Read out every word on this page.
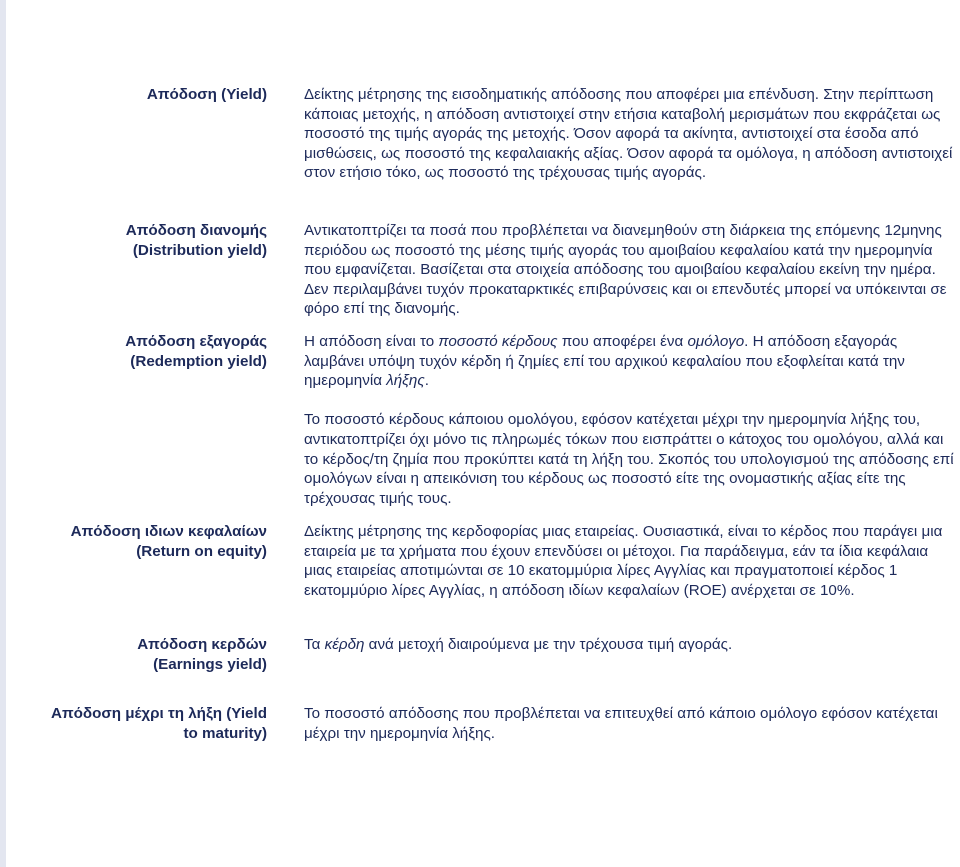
Απόδοση (Yield) Δείκτης μέτρησης της εισοδηματικής απόδοσης που αποφέρει μια επένδυση. Στην περίπτωση κάποιας μετοχής, η απόδοση αντιστοιχεί στην ετήσια καταβολή μερισμάτων που εκφράζεται ως ποσοστό της τιμής αγοράς της μετοχής. Όσον αφορά τα ακίνητα, αντιστοιχεί στα έσοδα από μισθώσεις, ως ποσοστό της κεφαλαιακής αξίας. Όσον αφορά τα ομόλογα, η απόδοση αντιστοιχεί στον ετήσιο τόκο, ως ποσοστό της τρέχουσας τιμής αγοράς.

Απόδοση διανομής
(Distribution yield)

Αντικατοπτρίζει τα ποσά που προβλέπεται να διανεμηθούν στη διάρκεια της επόμενης 12μηνης περιόδου ως ποσοστό της μέσης τιμής αγοράς του αμοιβαίου κεφαλαίου κατά την ημερομηνία που εμφανίζεται. Βασίζεται στα στοιχεία απόδοσης του αμοιβαίου κεφαλαίου εκείνη την ημέρα. Δεν περιλαμβάνει τυχόν προκαταρκτικές επιβαρύνσεις και οι επενδυτές μπορεί να υπόκεινται σε φόρο επί της διανομής.

Απόδοση εξαγοράς
(Redemption yield)

Η απόδοση είναι το ποσοστό κέρδους που αποφέρει ένα ομόλογο. Η απόδοση εξαγοράς λαμβάνει υπόψη τυχόν κέρδη ή ζημίες επί του αρχικού κεφαλαίου που εξοφλείται κατά την ημερομηνία λήξης.

Το ποσοστό κέρδους κάποιου ομολόγου, εφόσον κατέχεται μέχρι την ημερομηνία λήξης του, αντικατοπτρίζει όχι μόνο τις πληρωμές τόκων που εισπράττει ο κάτοχος του ομολόγου, αλλά και το κέρδος/τη ζημία που προκύπτει κατά τη λήξη του. Σκοπός του υπολογισμού της απόδοσης επί ομολόγων είναι η απεικόνιση του κέρδους ως ποσοστό είτε της ονομαστικής αξίας είτε της τρέχουσας τιμής τους.

Απόδοση ιδιων κεφαλαίων
(Return on equity)

Δείκτης μέτρησης της κερδοφορίας μιας εταιρείας. Ουσιαστικά, είναι το κέρδος που παράγει μια εταιρεία με τα χρήματα που έχουν επενδύσει οι μέτοχοι. Για παράδειγμα, εάν τα ίδια κεφάλαια μιας εταιρείας αποτιμώνται σε 10 εκατομμύρια λίρες Αγγλίας και πραγματοποιεί κέρδος 1 εκατομμύριο λίρες Αγγλίας, η απόδοση ιδίων κεφαλαίων (ROE) ανέρχεται σε 10%.

Απόδοση κερδών
(Earnings yield)

Τα κέρδη ανά μετοχή διαιρούμενα με την τρέχουσα τιμή αγοράς.

Απόδοση μέχρι τη λήξη (Yield
to maturity)

Το ποσοστό απόδοσης που προβλέπεται να επιτευχθεί από κάποιο ομόλογο εφόσον κατέχεται μέχρι την ημερομηνία λήξης.
